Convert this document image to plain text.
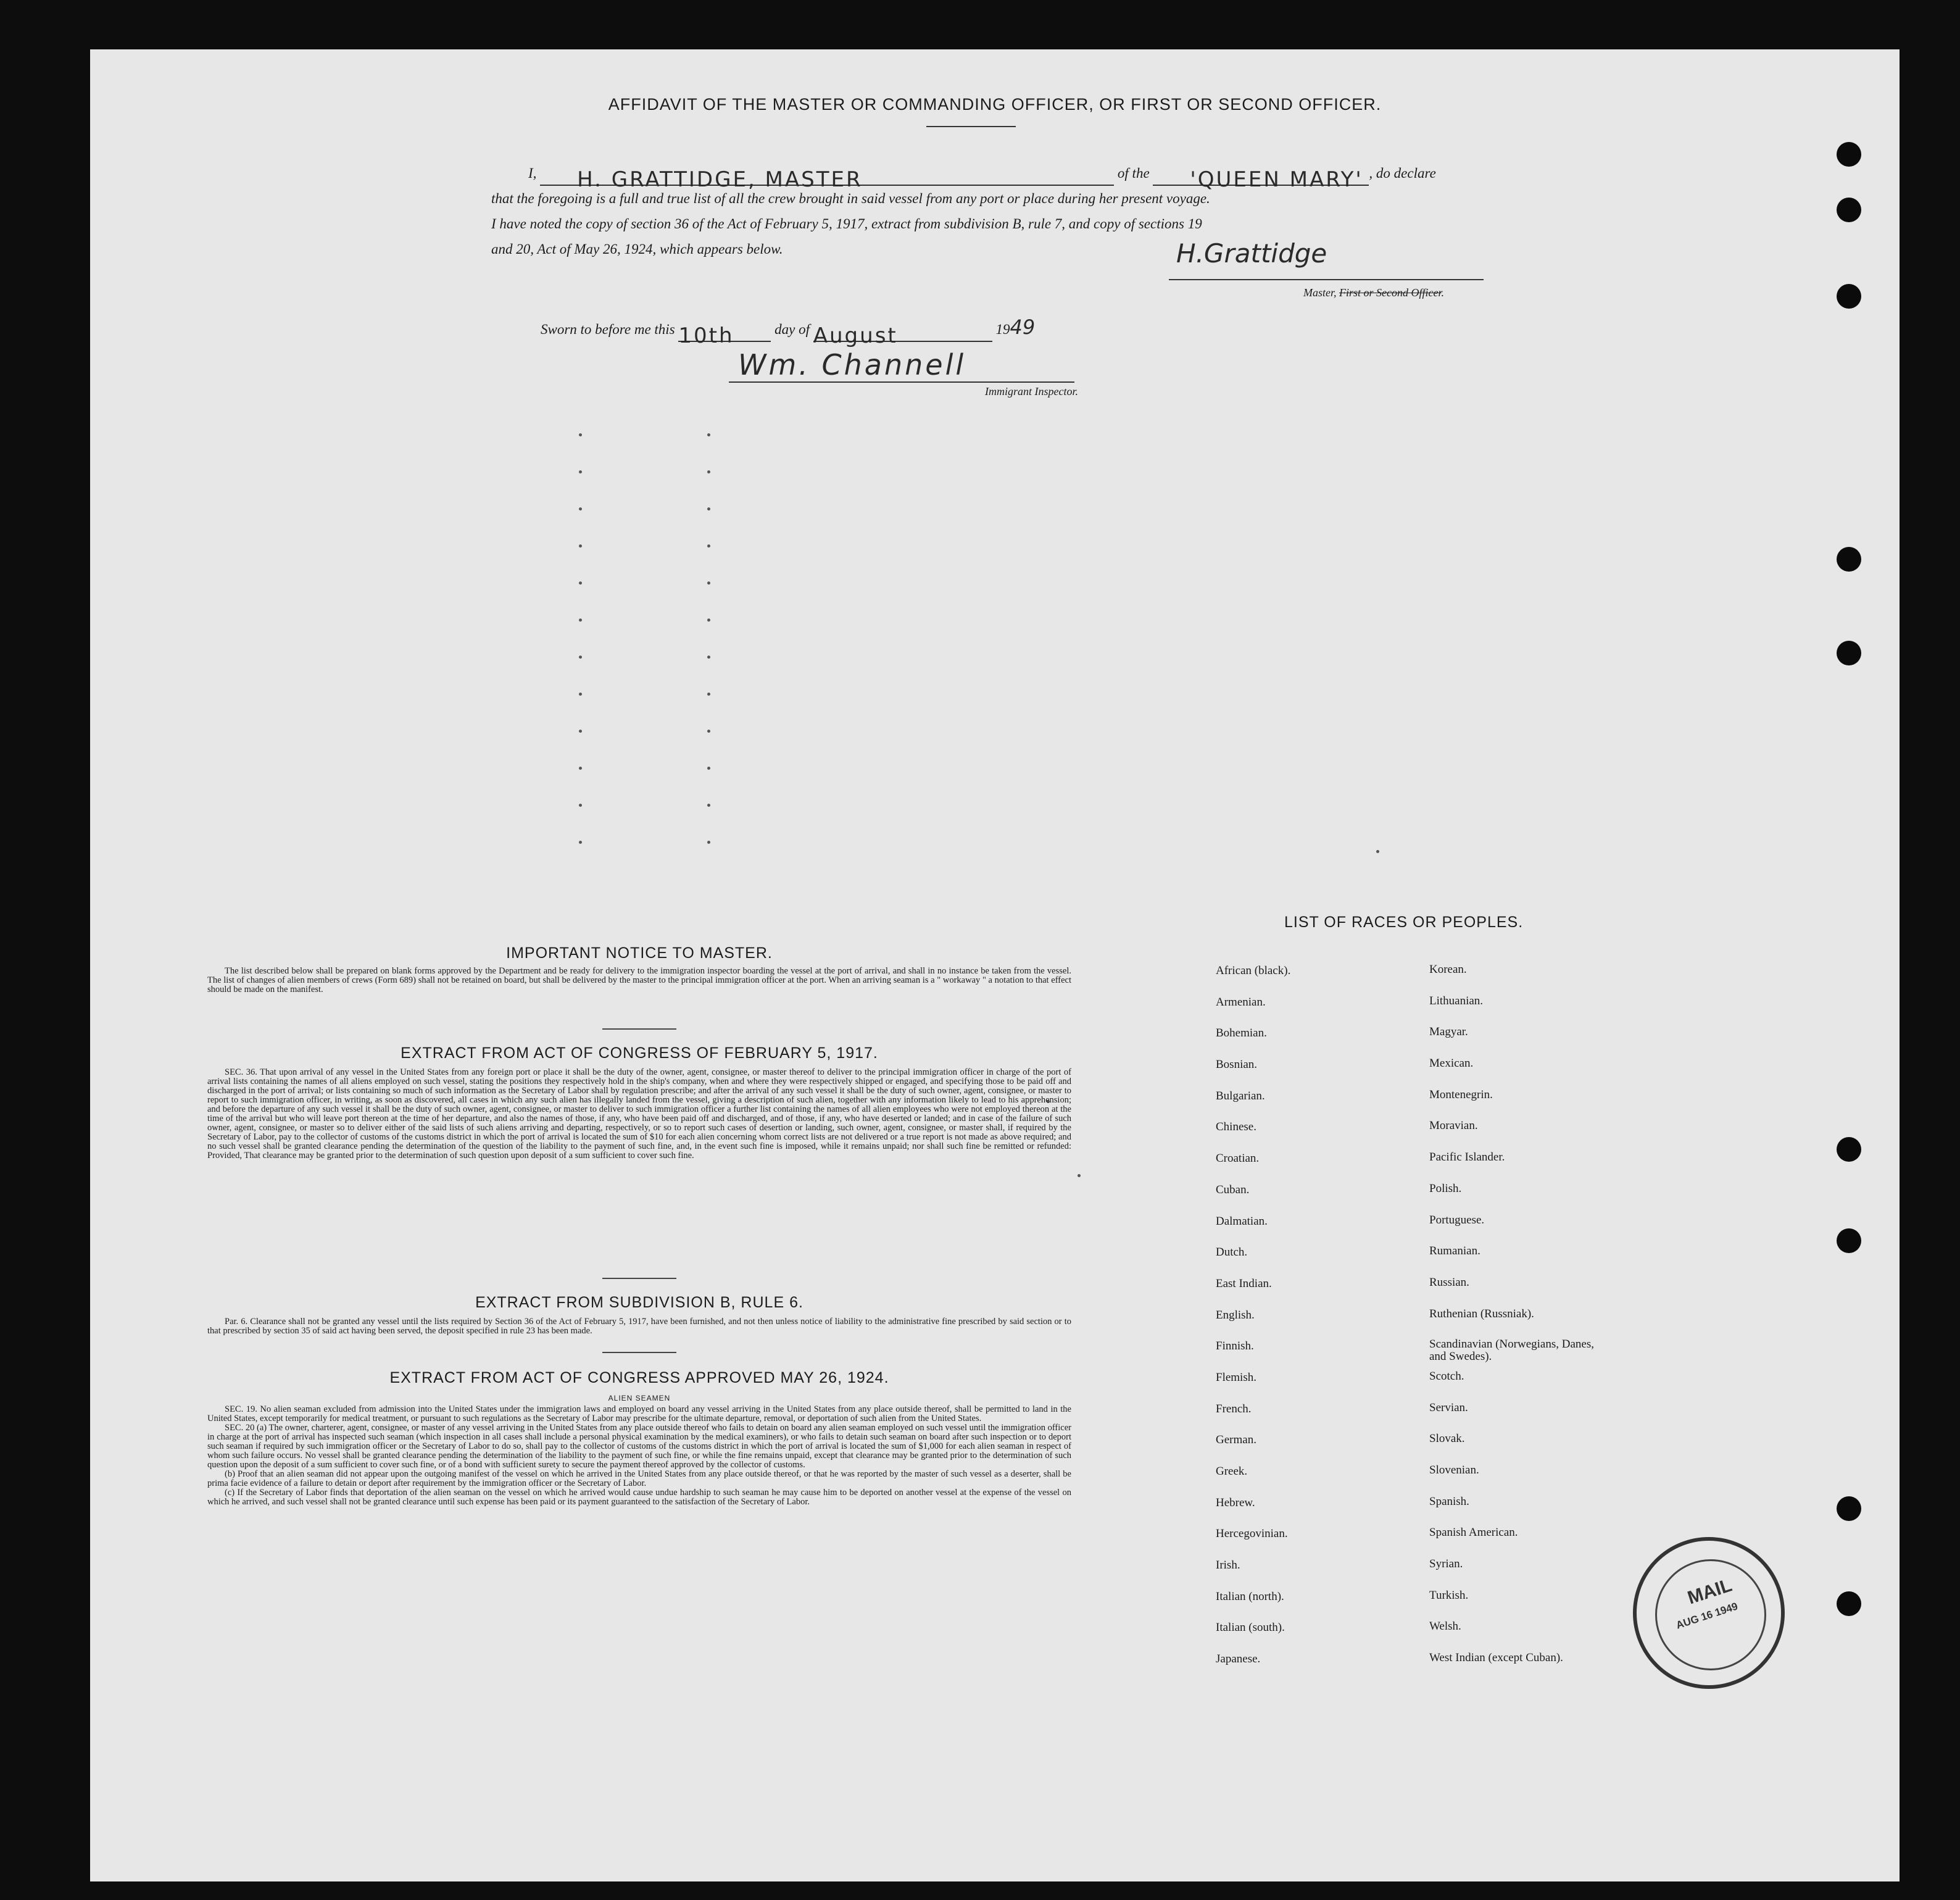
AFFIDAVIT OF THE MASTER OR COMMANDING OFFICER, OR FIRST OR SECOND OFFICER.
I, H. GRATTIDGE, MASTER	of the 'QUEEN MARY' , do declare
that the foregoing is a full and true list of all the crew brought in said vessel from any port or place during her present voyage.
I have noted the copy of section 36 of the Act of February 5, 1917, extract from subdivision B, rule 7, and copy of sections 19
and 20, Act of May 26, 1924, which appears below.	H.Grattidge
Master, First or Second Officer.
Sworn to before me this 10th	day of August	1949
Wm. Channell
Immigrant Inspector.
IMPORTANT NOTICE TO MASTER.

The list described below shall be prepared on blank forms approved by the Department and be ready for delivery to the immigration inspector boarding the vessel at the port of arrival, and shall in no instance be taken from the vessel. The list of changes of alien members of crews (Form 689) shall not be retained on board, but shall be delivered by the master to the principal immigration officer at the port. When an arriving seaman is a " workaway " a notation to that effect should be made on the manifest.

EXTRACT FROM ACT OF CONGRESS OF FEBRUARY 5, 1917.

SEC. 36. That upon arrival of any vessel in the United States from any foreign port or place it shall be the duty of the owner, agent, consignee, or master thereof to deliver to the principal immigration officer in charge of the port of arrival lists containing the names of all aliens employed on such vessel, stating the positions they respectively hold in the ship's company, when and where they were respectively shipped or engaged, and specifying those to be paid off and discharged in the port of arrival; or lists containing so much of such information as the Secretary of Labor shall by regulation prescribe; and after the arrival of any such vessel it shall be the duty of such owner, agent, consignee, or master to report to such immigration officer, in writing, as soon as discovered, all cases in which any such alien has illegally landed from the vessel, giving a description of such alien, together with any information likely to lead to his apprehension; and before the departure of any such vessel it shall be the duty of such owner, agent, consignee, or master to deliver to such immigration officer a further list containing the names of all alien employees who were not employed thereon at the time of the arrival but who will leave port thereon at the time of her departure, and also the names of those, if any, who have been paid off and discharged, and of those, if any, who have deserted or landed; and in case of the failure of such owner, agent, consignee, or master so to deliver either of the said lists of such aliens arriving and departing, respectively, or so to report such cases of desertion or landing, such owner, agent, consignee, or master shall, if required by the Secretary of Labor, pay to the collector of customs of the customs district in which the port of arrival is located the sum of $10 for each alien concerning whom correct lists are not delivered or a true report is not made as above required; and no such vessel shall be granted clearance pending the determination of the question of the liability to the payment of such fine, and, in the event such fine is imposed, while it remains unpaid; nor shall such fine be remitted or refunded: Provided, That clearance may be granted prior to the determination of such question upon deposit of a sum sufficient to cover such fine.

EXTRACT FROM SUBDIVISION B, RULE 6.

Par. 6. Clearance shall not be granted any vessel until the lists required by Section 36 of the Act of February 5, 1917, have been furnished, and not then unless notice of liability to the administrative fine prescribed by said section or to that prescribed by section 35 of said act having been served, the deposit specified in rule 23 has been made.

EXTRACT FROM ACT OF CONGRESS APPROVED MAY 26, 1924.
ALIEN SEAMEN

SEC. 19. No alien seaman excluded from admission into the United States under the immigration laws and employed on board any vessel arriving in the United States from any place outside thereof, shall be permitted to land in the United States, except temporarily for medical treatment, or pursuant to such regulations as the Secretary of Labor may prescribe for the ultimate departure, removal, or deportation of such alien from the United States.

SEC. 20 (a) The owner, charterer, agent, consignee, or master of any vessel arriving in the United States from any place outside thereof who fails to detain on board any alien seaman employed on such vessel until the immigration officer in charge at the port of arrival has inspected such seaman (which inspection in all cases shall include a personal physical examination by the medical examiners), or who fails to detain such seaman on board after such inspection or to deport such seaman if required by such immigration officer or the Secretary of Labor to do so, shall pay to the collector of customs of the customs district in which the port of arrival is located the sum of $1,000 for each alien seaman in respect of whom such failure occurs. No vessel shall be granted clearance pending the determination of the liability to the payment of such fine, or while the fine remains unpaid, except that clearance may be granted prior to the determination of such question upon the deposit of a sum sufficient to cover such fine, or of a bond with sufficient surety to secure the payment thereof approved by the collector of customs.

(b) Proof that an alien seaman did not appear upon the outgoing manifest of the vessel on which he arrived in the United States from any place outside thereof, or that he was reported by the master of such vessel as a deserter, shall be prima facie evidence of a failure to detain or deport after requirement by the immigration officer or the Secretary of Labor.

(c) If the Secretary of Labor finds that deportation of the alien seaman on the vessel on which he arrived would cause undue hardship to such seaman he may cause him to be deported on another vessel at the expense of the vessel on which he arrived, and such vessel shall not be granted clearance until such expense has been paid or its payment guaranteed to the satisfaction of the Secretary of Labor.

LIST OF RACES OR PEOPLES.
African (black).
Armenian.
Bohemian.
Bosnian.
Bulgarian.
Chinese.
Croatian.
Cuban.
Dalmatian.
Dutch.
East Indian.
English.
Finnish.
Flemish.
French.
German.
Greek.
Hebrew.
Hercegovinian.
Irish.
Italian (north).
Italian (south).
Japanese.
Korean.
Lithuanian.
Magyar.
Mexican.
Montenegrin.
Moravian.
Pacific Islander.
Polish.
Portuguese.
Rumanian.
Russian.
Ruthenian (Russniak).
Scandinavian (Norwegians, Danes, and Swedes).
Scotch.
Servian.
Slovak.
Slovenian.
Spanish.
Spanish American.
Syrian.
Turkish.
Welsh.
West Indian (except Cuban).
MAIL
AUG 16 1949
